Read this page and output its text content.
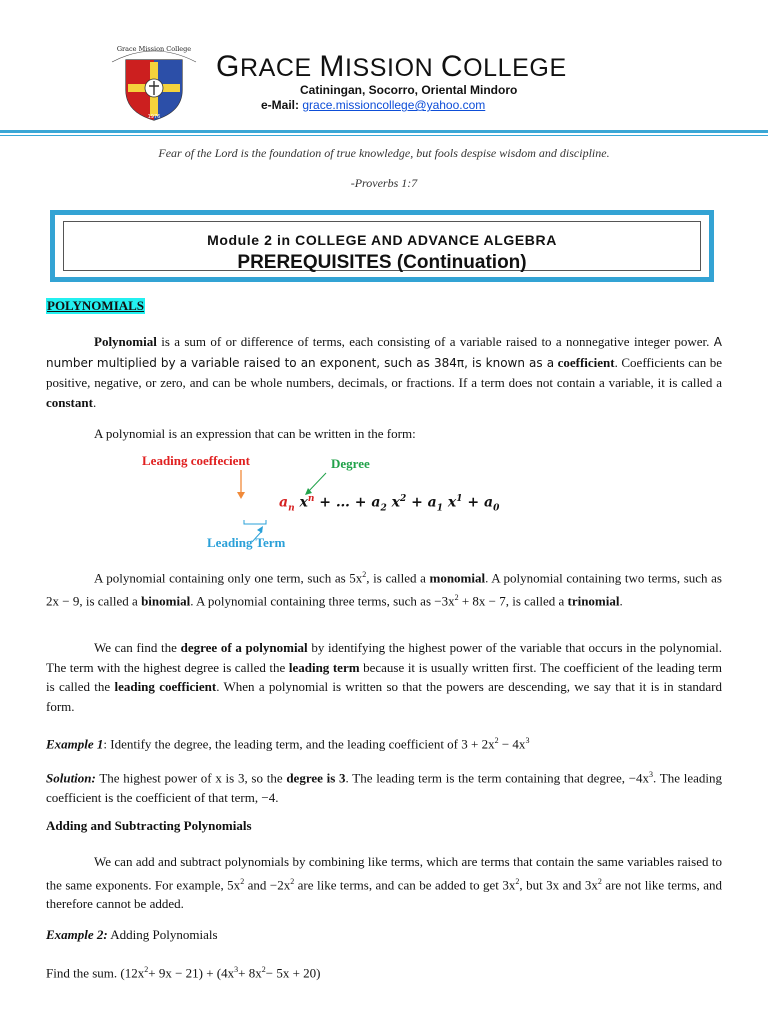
Grace Mission College
1976
GRACE MISSION COLLEGE
Catiningan, Socorro, Oriental Mindoro
e-Mail: grace.missioncollege@yahoo.com
Fear of the Lord is the foundation of true knowledge, but fools despise wisdom and discipline.
-Proverbs 1:7
Module 2 in COLLEGE AND ADVANCE ALGEBRA
PREREQUISITES (Continuation)
POLYNOMIALS
Polynomial is a sum of or difference of terms, each consisting of a variable raised to a nonnegative integer power. A number multiplied by a variable raised to an exponent, such as 384π, is known as a coefficient. Coefficients can be positive, negative, or zero, and can be whole numbers, decimals, or fractions. If a term does not contain a variable, it is called a constant.
A polynomial is an expression that can be written in the form:
Leading coeffecient	Degree
Leading Term
$a_n$ $x^n$ + … + $a_2$ $x^2 + a_1$ $x^1 + a_0$
A polynomial containing only one term, such as $5x^2$, is called a monomial. A polynomial containing two terms, such as 2x − 9, is called a binomial. A polynomial containing three terms, such as $-3x^2 + 8x - 7$, is called a trinomial.
We can find the degree of a polynomial by identifying the highest power of the variable that occurs in the polynomial. The term with the highest degree is called the leading term because it is usually written first. The coefficient of the leading term is called the leading coefficient. When a polynomial is written so that the powers are descending, we say that it is in standard form.
Example 1: Identify the degree, the leading term, and the leading coefficient of $3 + 2x^2 - 4x^3$
Solution: The highest power of x is 3, so the degree is 3. The leading term is the term containing that degree, $-4x^3$. The leading coefficient is the coefficient of that term, −4.
Adding and Subtracting Polynomials
We can add and subtract polynomials by combining like terms, which are terms that contain the same variables raised to the same exponents. For example, $5x^2$ and $-2x^2$ are like terms, and can be added to get $3x^2$, but 3x and $3x^2$ are not like terms, and therefore cannot be added.
Example 2: Adding Polynomials
Find the sum. $(12x^2+ 9x - 21) + (4x^3+ 8x^2- 5x + 20)$
